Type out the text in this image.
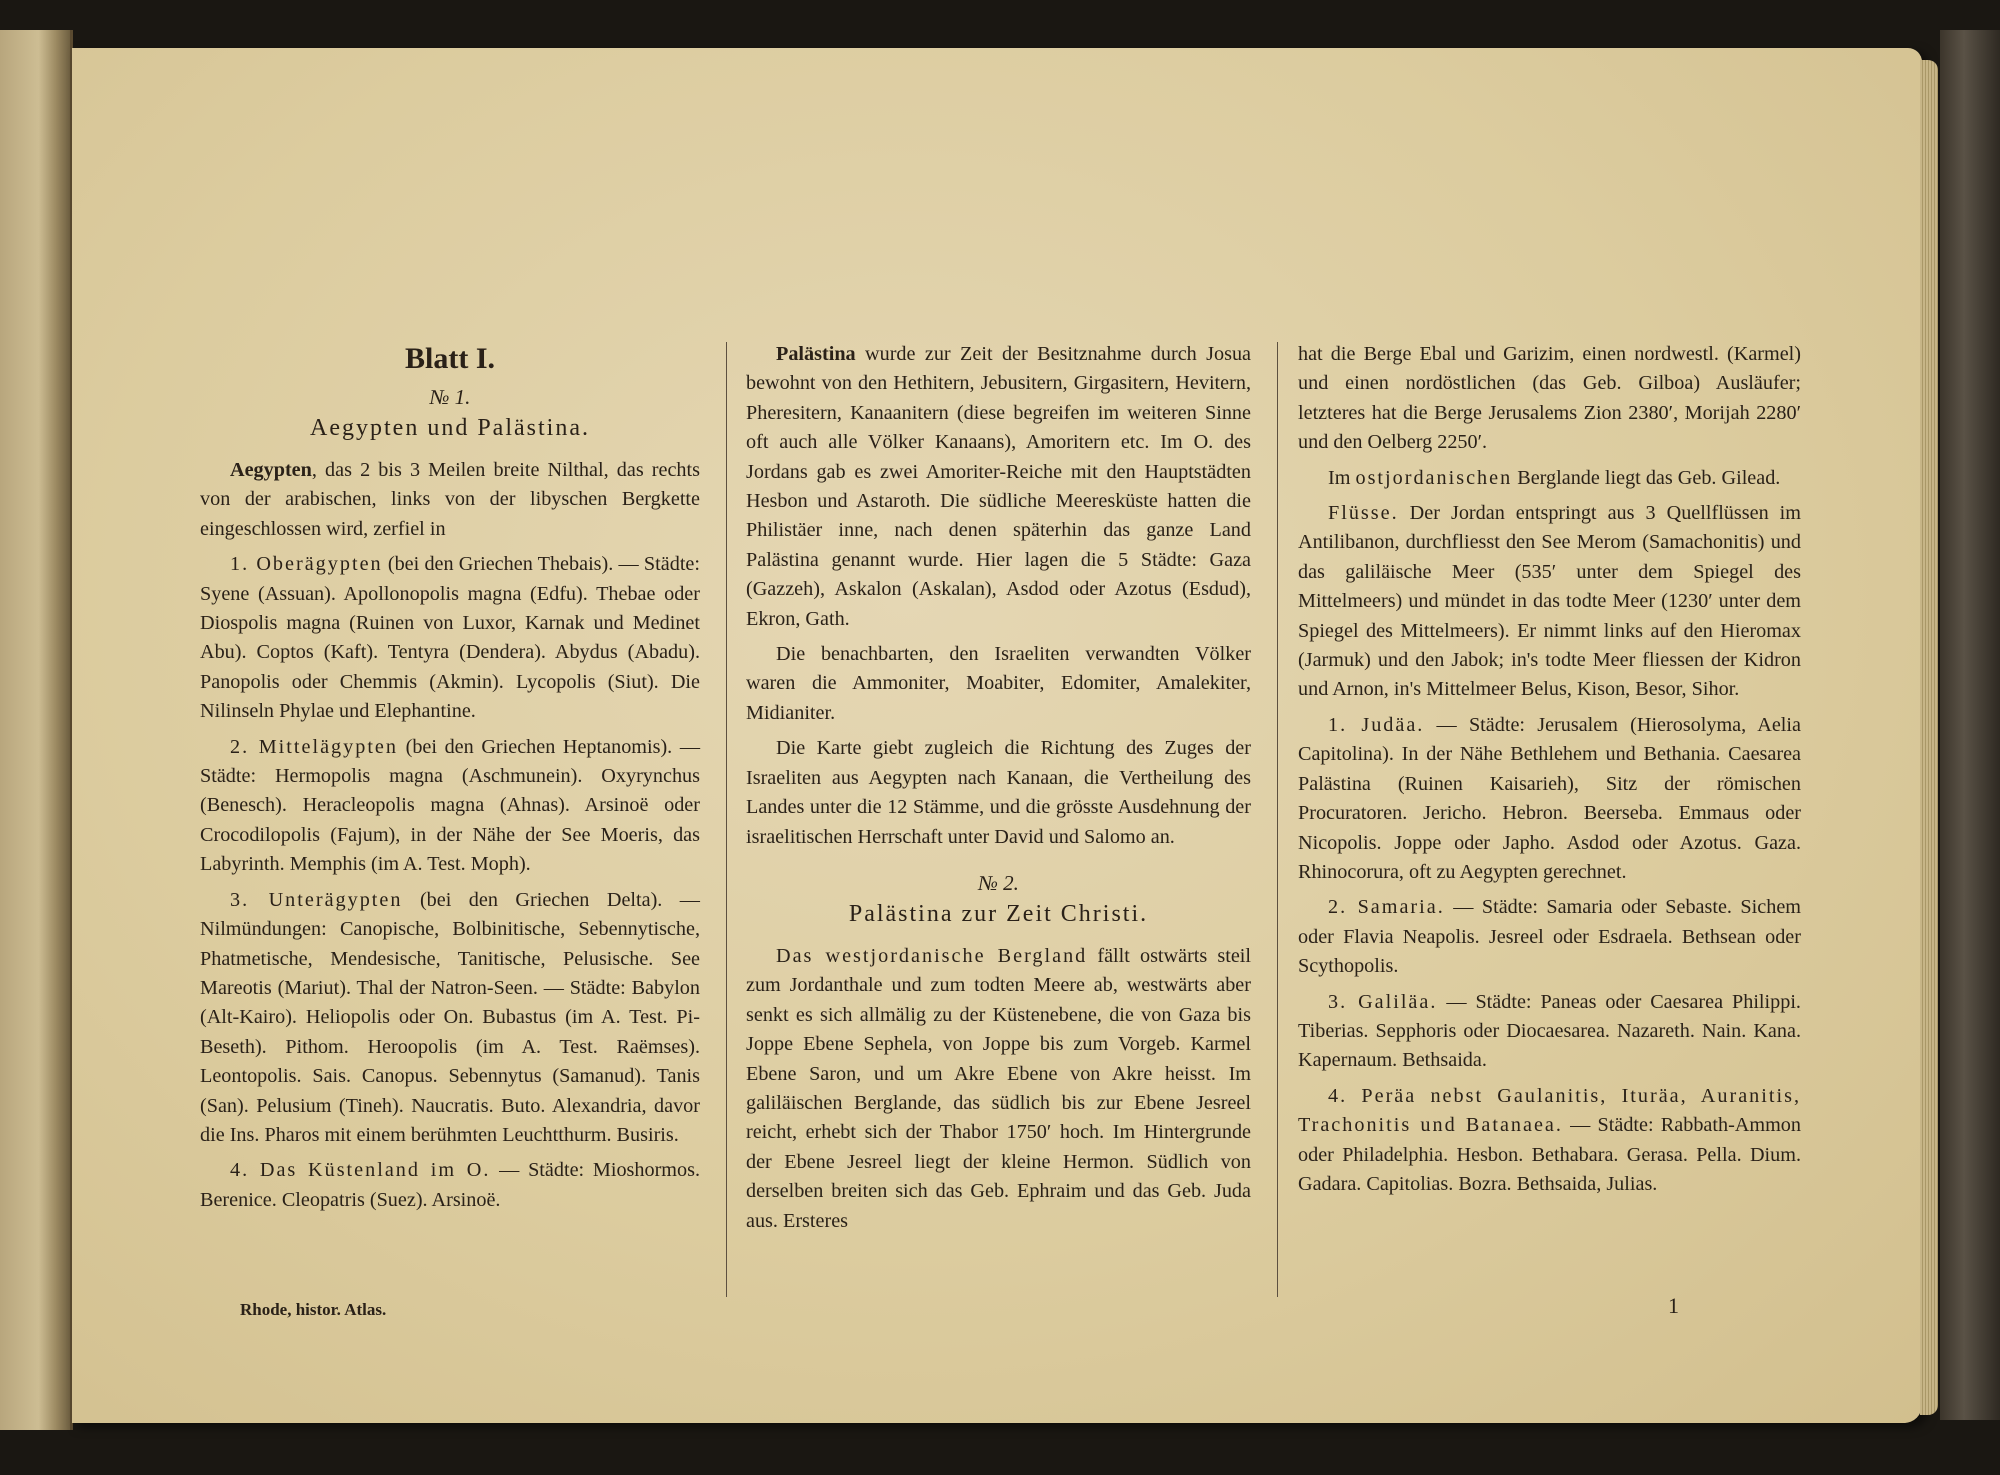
Blatt I.
№ 1.
Aegypten und Palästina.

Aegypten, das 2 bis 3 Meilen breite Nilthal, das rechts von der arabischen, links von der libyschen Bergkette eingeschlossen wird, zerfiel in

1. Oberägypten (bei den Griechen Thebais). — Städte: Syene (Assuan). Apollonopolis magna (Edfu). Thebae oder Diospolis magna (Ruinen von Luxor, Karnak und Medinet Abu). Coptos (Kaft). Tentyra (Dendera). Abydus (Abadu). Panopolis oder Chemmis (Akmin). Lycopolis (Siut). Die Nilinseln Phylae und Elephantine.

2. Mittelägypten (bei den Griechen Heptanomis). — Städte: Hermopolis magna (Aschmunein). Oxyrynchus (Benesch). Heracleopolis magna (Ahnas). Arsinoë oder Crocodilopolis (Fajum), in der Nähe der See Moeris, das Labyrinth. Memphis (im A. Test. Moph).

3. Unterägypten (bei den Griechen Delta). — Nilmündungen: Canopische, Bolbinitische, Sebennytische, Phatmetische, Mendesische, Tanitische, Pelusische. See Mareotis (Mariut). Thal der Natron-Seen. — Städte: Babylon (Alt-Kairo). Heliopolis oder On. Bubastus (im A. Test. Pi-Beseth). Pithom. Heroopolis (im A. Test. Raëmses). Leontopolis. Sais. Canopus. Sebennytus (Samanud). Tanis (San). Pelusium (Tineh). Naucratis. Buto. Alexandria, davor die Ins. Pharos mit einem berühmten Leuchtthurm. Busiris.

4. Das Küstenland im O. — Städte: Mioshormos. Berenice. Cleopatris (Suez). Arsinoë.

Rhode, histor. Atlas.

Palästina wurde zur Zeit der Besitznahme durch Josua bewohnt von den Hethitern, Jebusitern, Girgasitern, Hevitern, Pheresitern, Kanaanitern (diese begreifen im weiteren Sinne oft auch alle Völker Kanaans), Amoritern etc. Im O. des Jordans gab es zwei Amoriter-Reiche mit den Hauptstädten Hesbon und Astaroth. Die südliche Meeresküste hatten die Philistäer inne, nach denen späterhin das ganze Land Palästina genannt wurde. Hier lagen die 5 Städte: Gaza (Gazzeh), Askalon (Askalan), Asdod oder Azotus (Esdud), Ekron, Gath.

Die benachbarten, den Israeliten verwandten Völker waren die Ammoniter, Moabiter, Edomiter, Amalekiter, Midianiter.

Die Karte giebt zugleich die Richtung des Zuges der Israeliten aus Aegypten nach Kanaan, die Vertheilung des Landes unter die 12 Stämme, und die grösste Ausdehnung der israelitischen Herrschaft unter David und Salomo an.

№ 2.
Palästina zur Zeit Christi.

Das westjordanische Bergland fällt ostwärts steil zum Jordanthale und zum todten Meere ab, westwärts aber senkt es sich allmälig zu der Küstenebene, die von Gaza bis Joppe Ebene Sephela, von Joppe bis zum Vorgeb. Karmel Ebene Saron, und um Akre Ebene von Akre heisst. Im galiläischen Berglande, das südlich bis zur Ebene Jesreel reicht, erhebt sich der Thabor 1750′ hoch. Im Hintergrunde der Ebene Jesreel liegt der kleine Hermon. Südlich von derselben breiten sich das Geb. Ephraim und das Geb. Juda aus. Ersteres

hat die Berge Ebal und Garizim, einen nordwestl. (Karmel) und einen nordöstlichen (das Geb. Gilboa) Ausläufer; letzteres hat die Berge Jerusalems Zion 2380′, Morijah 2280′ und den Oelberg 2250′.

Im ostjordanischen Berglande liegt das Geb. Gilead.

Flüsse. Der Jordan entspringt aus 3 Quellflüssen im Antilibanon, durchfliesst den See Merom (Samachonitis) und das galiläische Meer (535′ unter dem Spiegel des Mittelmeers) und mündet in das todte Meer (1230′ unter dem Spiegel des Mittelmeers). Er nimmt links auf den Hieromax (Jarmuk) und den Jabok; in's todte Meer fliessen der Kidron und Arnon, in's Mittelmeer Belus, Kison, Besor, Sihor.

1. Judäa. — Städte: Jerusalem (Hierosolyma, Aelia Capitolina). In der Nähe Bethlehem und Bethania. Caesarea Palästina (Ruinen Kaisarieh), Sitz der römischen Procuratoren. Jericho. Hebron. Beerseba. Emmaus oder Nicopolis. Joppe oder Japho. Asdod oder Azotus. Gaza. Rhinocorura, oft zu Aegypten gerechnet.

2. Samaria. — Städte: Samaria oder Sebaste. Sichem oder Flavia Neapolis. Jesreel oder Esdraela. Bethsean oder Scythopolis.

3. Galiläa. — Städte: Paneas oder Caesarea Philippi. Tiberias. Sepphoris oder Diocaesarea. Nazareth. Nain. Kana. Kapernaum. Bethsaida.

4. Peräa nebst Gaulanitis, Ituräa, Auranitis, Trachonitis und Batanaea. — Städte: Rabbath-Ammon oder Philadelphia. Hesbon. Bethabara. Gerasa. Pella. Dium. Gadara. Capitolias. Bozra. Bethsaida, Julias.

1
